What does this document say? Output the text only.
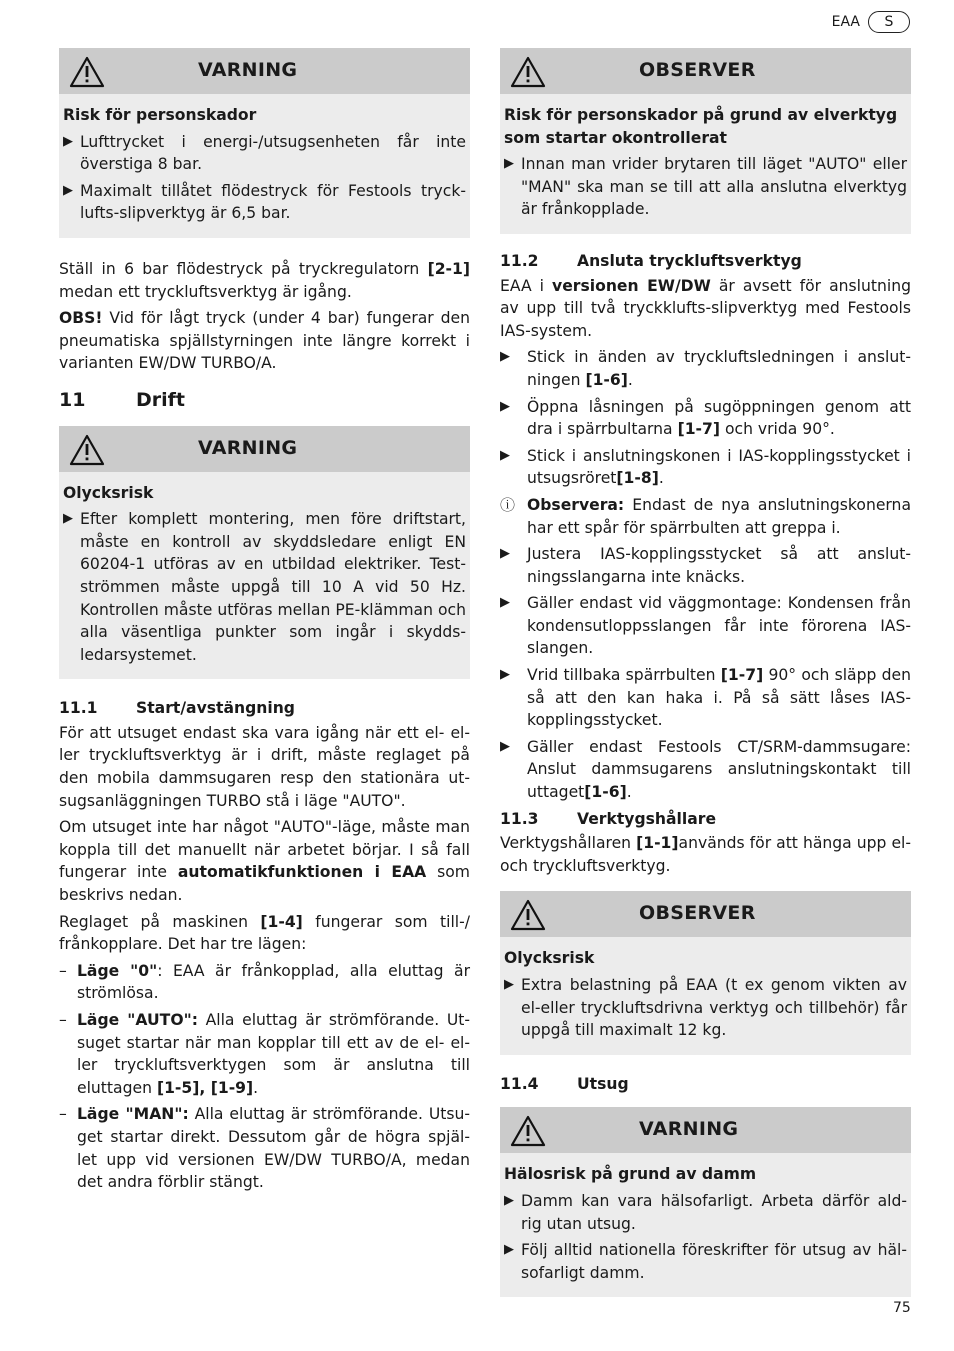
EAA	S
VARNING
Risk för personskador
▶ Lufttrycket i energi-/utsugsenheten får inte överstiga 8 bar.
▶ Maximalt tillåtet flödestryck för Festools tryck-lufts-slipverktyg är 6,5 bar.

Ställ in 6 bar flödestryck på tryckregulatorn [2-1] medan ett tryckluftsverktyg är igång.

OBS! Vid för lågt tryck (under 4 bar) fungerar den pneumatiska spjällstyrningen inte längre korrekt i varianten EW/DW TURBO/A.

11	Drift
VARNING
Olycksrisk
▶ Efter komplett montering, men före driftstart, måste en kontroll av skyddsledare enligt EN 60204-1 utföras av en utbildad elektriker. Test-strömmen måste uppgå till 10 A vid 50 Hz. Kontrollen måste utföras mellan PE-klämman och alla väsentliga punkter som ingår i skydds-ledarsystemet.
11.1	Start/avstängning

För att utsuget endast ska vara igång när ett el- el-ler tryckluftsverktyg är i drift, måste reglaget på den mobila dammsugaren resp den stationära ut-sugsanläggningen TURBO stå i läge "AUTO".

Om utsuget inte har något "AUTO"-läge, måste man koppla till det manuellt när arbetet börjar. I så fall fungerar inte automatikfunktionen i EAA som beskrivs nedan.

Reglaget på maskinen [1-4] fungerar som till-/ frånkopplare. Det har tre lägen:

– Läge "0": EAA är frånkopplad, alla eluttag är strömlösa.
– Läge "AUTO": Alla eluttag är strömförande. Ut-suget startar när man kopplar till ett av de el- el-ler tryckluftsverktygen som är anslutna till eluttagen [1-5], [1-9].
– Läge "MAN": Alla eluttag är strömförande. Utsu-get startar direkt. Dessutom går de högra spjäl-let upp vid versionen EW/DW TURBO/A, medan det andra förblir stängt.
OBSERVER
Risk för personskador på grund av elverktyg som startar okontrollerat
▶ Innan man vrider brytaren till läget "AUTO" eller "MAN" ska man se till att alla anslutna elverktyg är frånkopplade.
11.2	Ansluta tryckluftsverktyg

EAA i versionen EW/DW är avsett för anslutning av upp till två tryckklufts-slipverktyg med Festools IAS-system.

▶	Stick in änden av tryckluftsledningen i anslut-ningen [1-6].
▶	Öppna låsningen på sugöppningen genom att dra i spärrbultarna [1-7] och vrida 90°.
▶	Stick i anslutningskonen i IAS-kopplingsstycket i utsugsröret[1-8].
ⓘ Observera: Endast de nya anslutningskonerna har ett spår för spärrbulten att greppa i.
▶	Justera IAS-kopplingsstycket så att anslut-ningsslangarna inte knäcks.
▶	Gäller endast vid väggmontage: Kondensen från kondensutloppsslangen får inte förorena IAS-slangen.
▶	Vrid tillbaka spärrbulten [1-7] 90° och släpp den så att den kan haka i. På så sätt låses IAS-kopplingsstycket.
▶	Gäller endast Festools CT/SRM-dammsugare: Anslut dammsugarens anslutningskontakt till uttaget[1-6].
11.3	Verktygshållare

Verktygshållaren [1-1]används för att hänga upp el- och tryckluftsverktyg.

OBSERVER
Olycksrisk
▶ Extra belastning på EAA (t ex genom vikten av el-eller tryckluftsdrivna verktyg och tillbehör) får uppgå till maximalt 12 kg.
11.4	Utsug
VARNING
Hälosrisk på grund av damm
▶ Damm kan vara hälsofarligt. Arbeta därför ald-rig utan utsug.
▶ Följ alltid nationella föreskrifter för utsug av häl-sofarligt damm.
75
